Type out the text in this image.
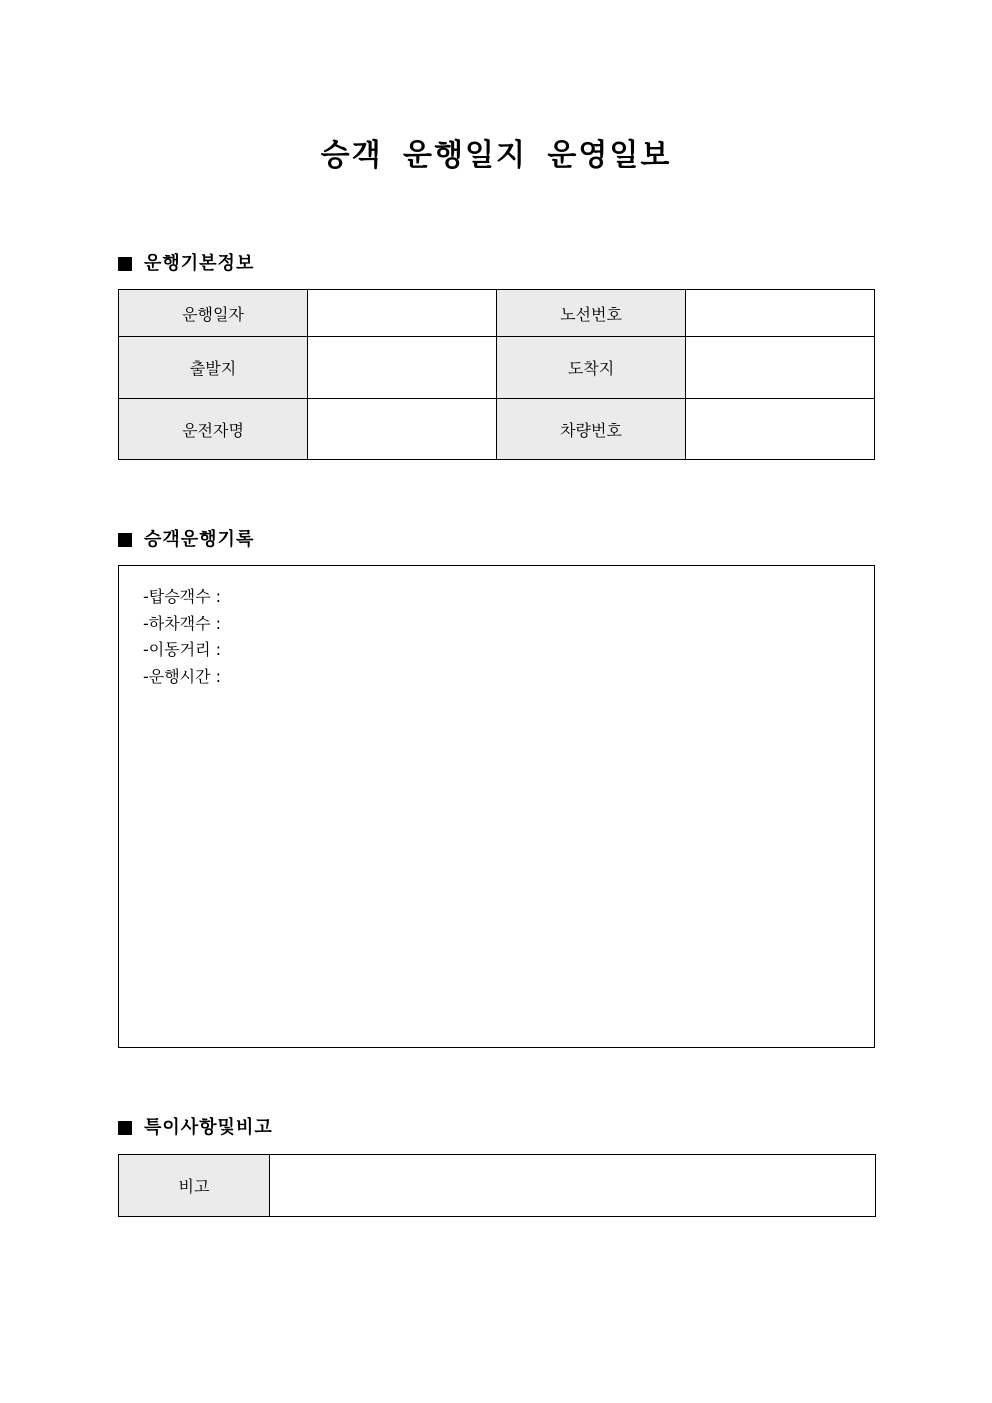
승객 운행일지 운영일보
운행기본정보
운행일자		노선번호	
출발지		도착지	
운전자명		차량번호	
승객운행기록
-탑승객수 :
-하차객수 :
-이동거리 :
-운행시간 :
특이사항및비고
비고	
